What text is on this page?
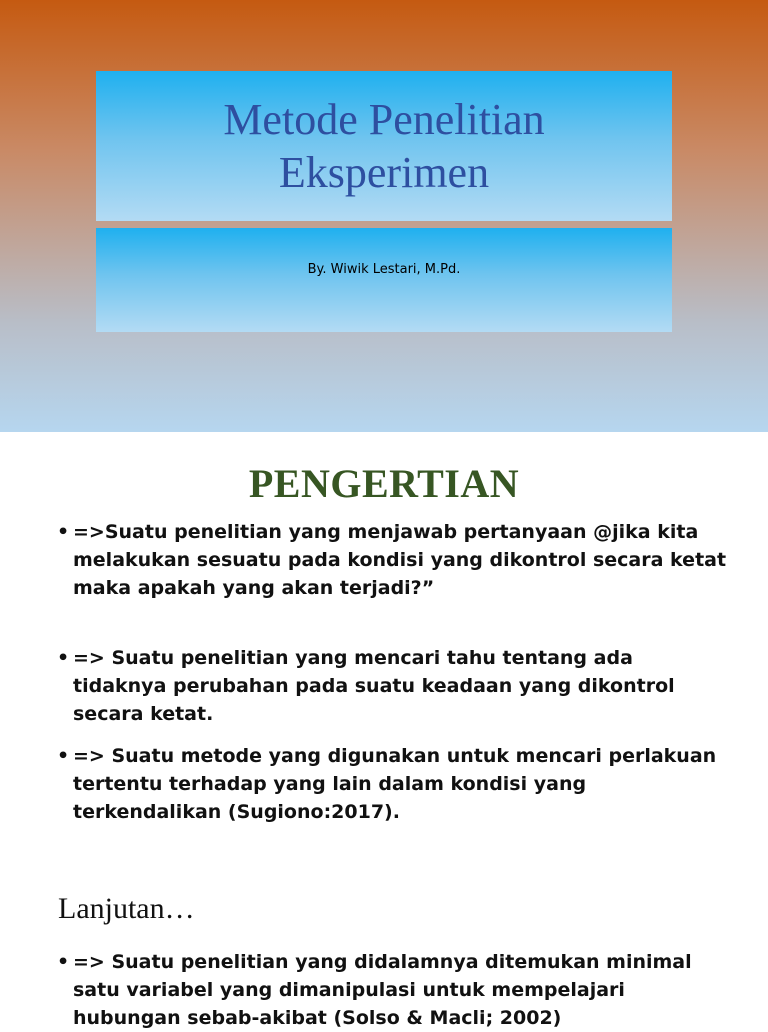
Metode Penelitian
Eksperimen
By. Wiwik Lestari, M.Pd.
PENGERTIAN
• =>Suatu penelitian yang menjawab pertanyaan @jika kita melakukan sesuatu pada kondisi yang dikontrol secara ketat maka apakah yang akan terjadi?”
• => Suatu penelitian yang mencari tahu tentang ada tidaknya perubahan pada suatu keadaan yang dikontrol secara ketat.
• => Suatu metode yang digunakan untuk mencari perlakuan tertentu terhadap yang lain dalam kondisi yang terkendalikan (Sugiono:2017).
Lanjutan…
• => Suatu penelitian yang didalamnya ditemukan minimal satu variabel yang dimanipulasi untuk mempelajari hubungan sebab-akibat (Solso & Macli; 2002)
